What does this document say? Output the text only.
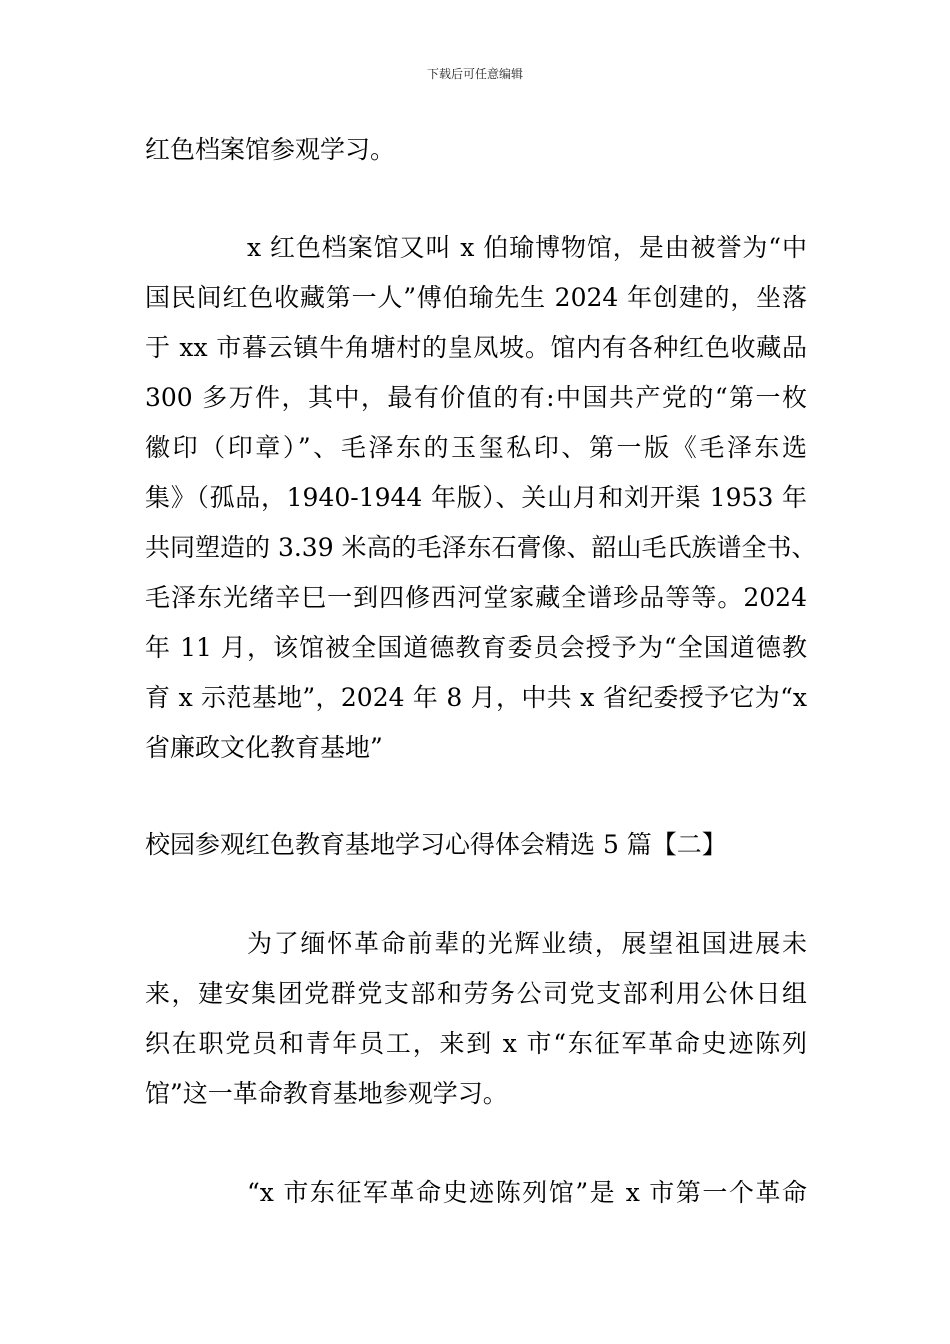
下载后可任意编辑

红色档案馆参观学习。

x 红色档案馆又叫 x 伯瑜博物馆，是由被誉为“中

国民间红色收藏第一人”傅伯瑜先生 2024 年创建的，坐落

于 xx 市暮云镇牛角塘村的皇凤坡。馆内有各种红色收藏品

300 多万件，其中，最有价值的有:中国共产党的“第一枚

徽印（印章）”、毛泽东的玉玺私印、第一版《毛泽东选

集》（孤品，1940-1944 年版）、关山月和刘开渠 1953 年

共同塑造的 3.39 米高的毛泽东石膏像、韶山毛氏族谱全书、

毛泽东光绪辛巳一到四修西河堂家藏全谱珍品等等。2024

年 11 月，该馆被全国道德教育委员会授予为“全国道德教

育 x 示范基地”，2024 年 8 月，中共 x 省纪委授予它为“x

省廉政文化教育基地”

校园参观红色教育基地学习心得体会精选 5 篇【二】

为了缅怀革命前辈的光辉业绩，展望祖国进展未

来，建安集团党群党支部和劳务公司党支部利用公休日组

织在职党员和青年员工，来到 x 市“东征军革命史迹陈列

馆”这一革命教育基地参观学习。

“x 市东征军革命史迹陈列馆”是 x 市第一个革命
